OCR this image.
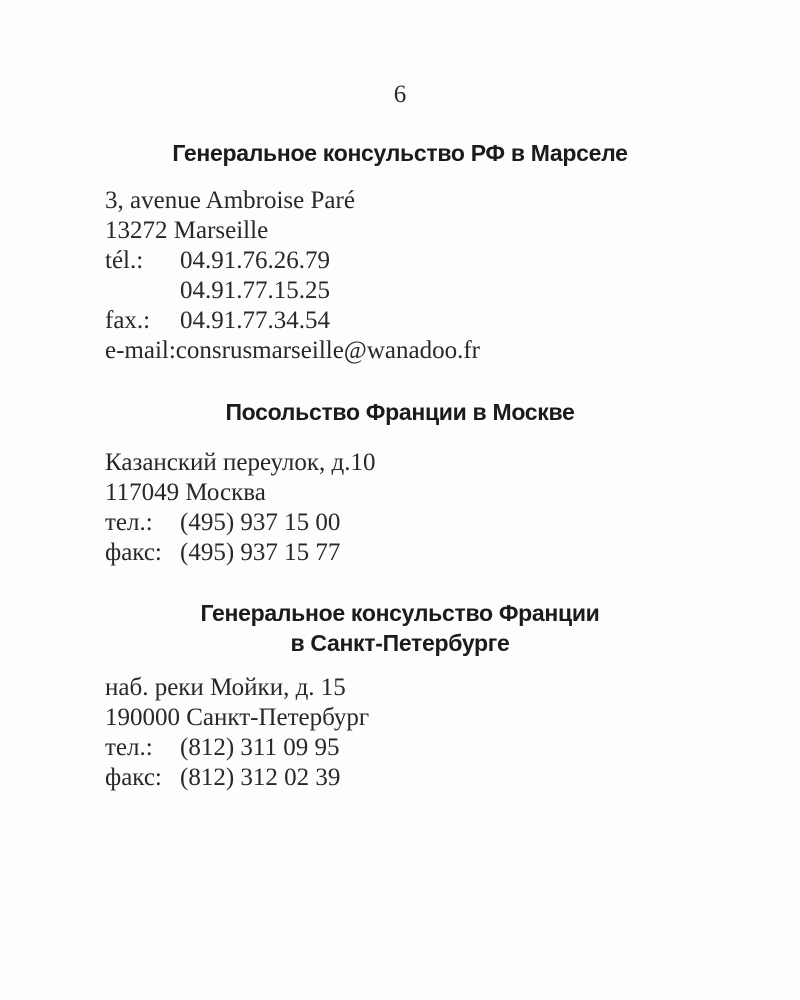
6
Генеральное консульство РФ в Марселе
3, avenue Ambroise Paré
13272 Marseille
tél.: 04.91.76.26.79
04.91.77.15.25
fax.: 04.91.77.34.54
e-mail:consrusmarseille@wanadoo.fr
Посольство Франции в Москве
Казанский переулок, д.10
117049 Москва
тел.: (495) 937 15 00
факс: (495) 937 15 77
Генеральное консульство Франции
в Санкт-Петербурге
наб. реки Мойки, д. 15
190000 Санкт-Петербург
тел.: (812) 311 09 95
факс: (812) 312 02 39
